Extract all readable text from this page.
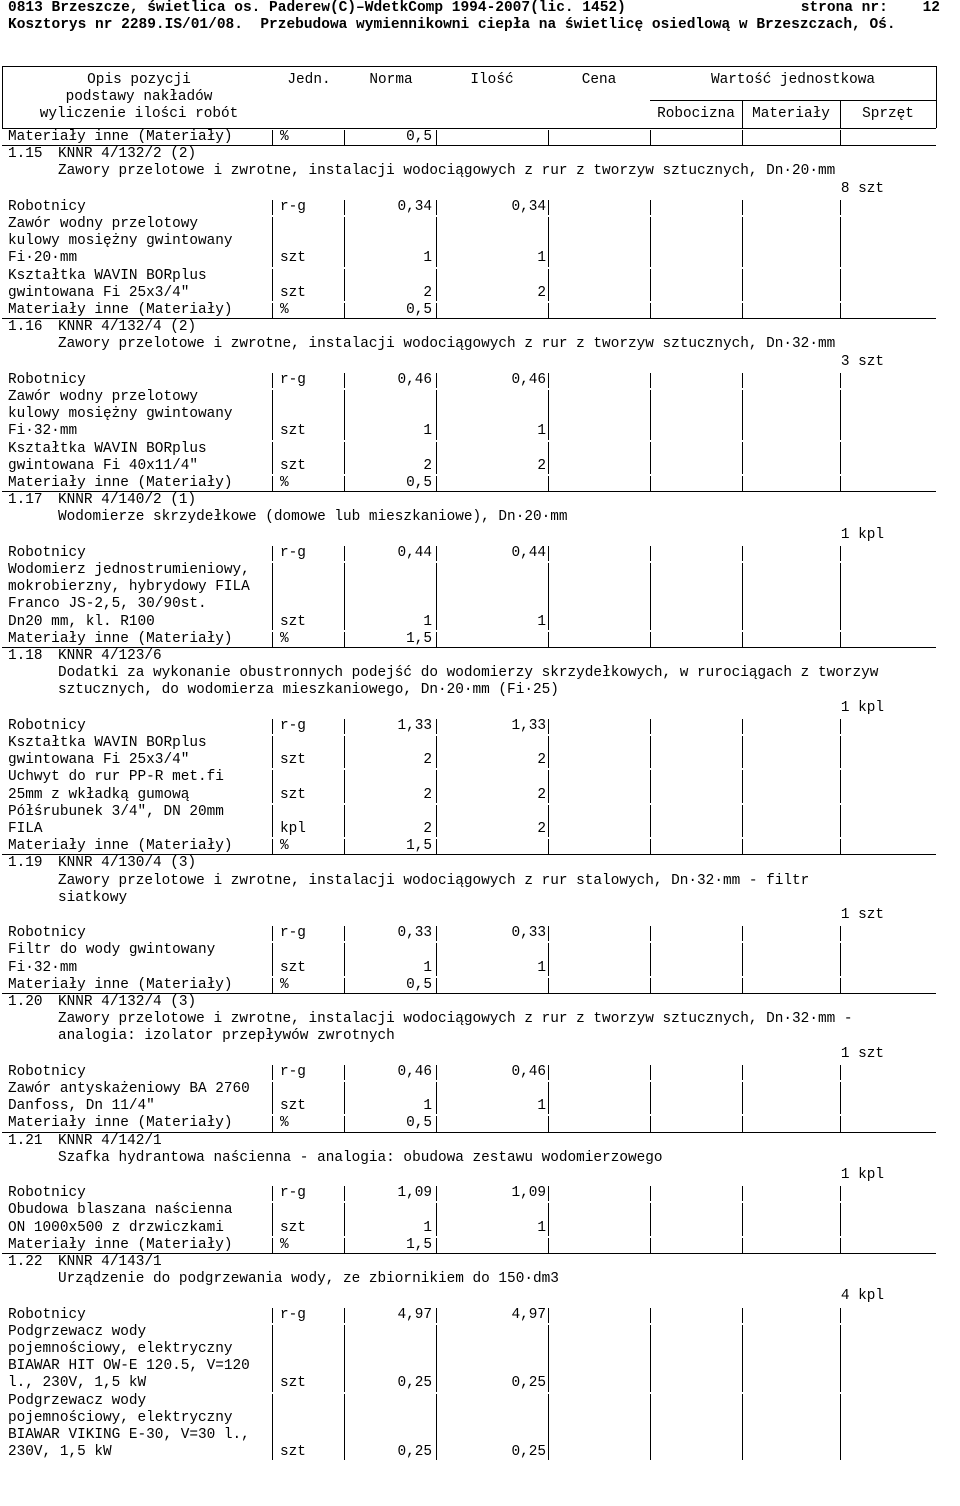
0813 Brzeszcze, świetlica os. Paderew(C)–WdetkComp 1994-2007(lic. 1452)	strona nr:    12
Kosztorys nr 2289.IS/01/08.  Przebudowa wymiennikowni ciepła na świetlicę osiedlową w Brzeszczach, Oś.
Opis pozycji
podstawy nakładów
wyliczenie ilości robót
Jedn.	Norma	Ilość	Cena	Wartość jednostkowa
Robocizna	Materiały	Sprzęt
Materiały inne (Materiały)	%	0,5
1.15 KNNR 4/132/2 (2)
Zawory przelotowe i zwrotne, instalacji wodociągowych z rur z tworzyw sztucznych, Dn·20·mm
8 szt
Robotnicy	r-g	0,34	0,34
Zawór wodny przelotowy
kulowy mosiężny gwintowany
Fi·20·mm	szt	1	1
Kształtka WAVIN BORplus
gwintowana Fi 25x3/4"	szt	2	2
Materiały inne (Materiały)	%	0,5
1.16 KNNR 4/132/4 (2)
Zawory przelotowe i zwrotne, instalacji wodociągowych z rur z tworzyw sztucznych, Dn·32·mm
3 szt
Robotnicy	r-g	0,46	0,46
Zawór wodny przelotowy
kulowy mosiężny gwintowany
Fi·32·mm	szt	1	1
Kształtka WAVIN BORplus
gwintowana Fi 40x11/4"	szt	2	2
Materiały inne (Materiały)	%	0,5
1.17 KNNR 4/140/2 (1)
Wodomierze skrzydełkowe (domowe lub mieszkaniowe), Dn·20·mm
1 kpl
Robotnicy	r-g	0,44	0,44
Wodomierz jednostrumieniowy,
mokrobierzny, hybrydowy FILA
Franco JS-2,5, 30/90st.
Dn20 mm, kl. R100	szt	1	1
Materiały inne (Materiały)	%	1,5
1.18 KNNR 4/123/6
Dodatki za wykonanie obustronnych podejść do wodomierzy skrzydełkowych, w rurociągach z tworzyw
sztucznych, do wodomierza mieszkaniowego, Dn·20·mm (Fi·25)
1 kpl
Robotnicy	r-g	1,33	1,33
Kształtka WAVIN BORplus
gwintowana Fi 25x3/4"	szt	2	2
Uchwyt do rur PP-R met.fi
25mm z wkładką gumową	szt	2	2
Półśrubunek 3/4", DN 20mm
FILA	kpl	2	2
Materiały inne (Materiały)	%	1,5
1.19 KNNR 4/130/4 (3)
Zawory przelotowe i zwrotne, instalacji wodociągowych z rur stalowych, Dn·32·mm - filtr
siatkowy
1 szt
Robotnicy	r-g	0,33	0,33
Filtr do wody gwintowany
Fi·32·mm	szt	1	1
Materiały inne (Materiały)	%	0,5
1.20 KNNR 4/132/4 (3)
Zawory przelotowe i zwrotne, instalacji wodociągowych z rur z tworzyw sztucznych, Dn·32·mm -
analogia: izolator przepływów zwrotnych
1 szt
Robotnicy	r-g	0,46	0,46
Zawór antyskażeniowy BA 2760
Danfoss, Dn 11/4"	szt	1	1
Materiały inne (Materiały)	%	0,5
1.21 KNNR 4/142/1
Szafka hydrantowa naścienna - analogia: obudowa zestawu wodomierzowego
1 kpl
Robotnicy	r-g	1,09	1,09
Obudowa blaszana naścienna
ON 1000x500 z drzwiczkami	szt	1	1
Materiały inne (Materiały)	%	1,5
1.22 KNNR 4/143/1
Urządzenie do podgrzewania wody, ze zbiornikiem do 150·dm3
4 kpl
Robotnicy	r-g	4,97	4,97
Podgrzewacz wody
pojemnościowy, elektryczny
BIAWAR HIT OW-E 120.5, V=120
l., 230V, 1,5 kW	szt	0,25	0,25
Podgrzewacz wody
pojemnościowy, elektryczny
BIAWAR VIKING E-30, V=30 l.,
230V, 1,5 kW	szt	0,25	0,25
